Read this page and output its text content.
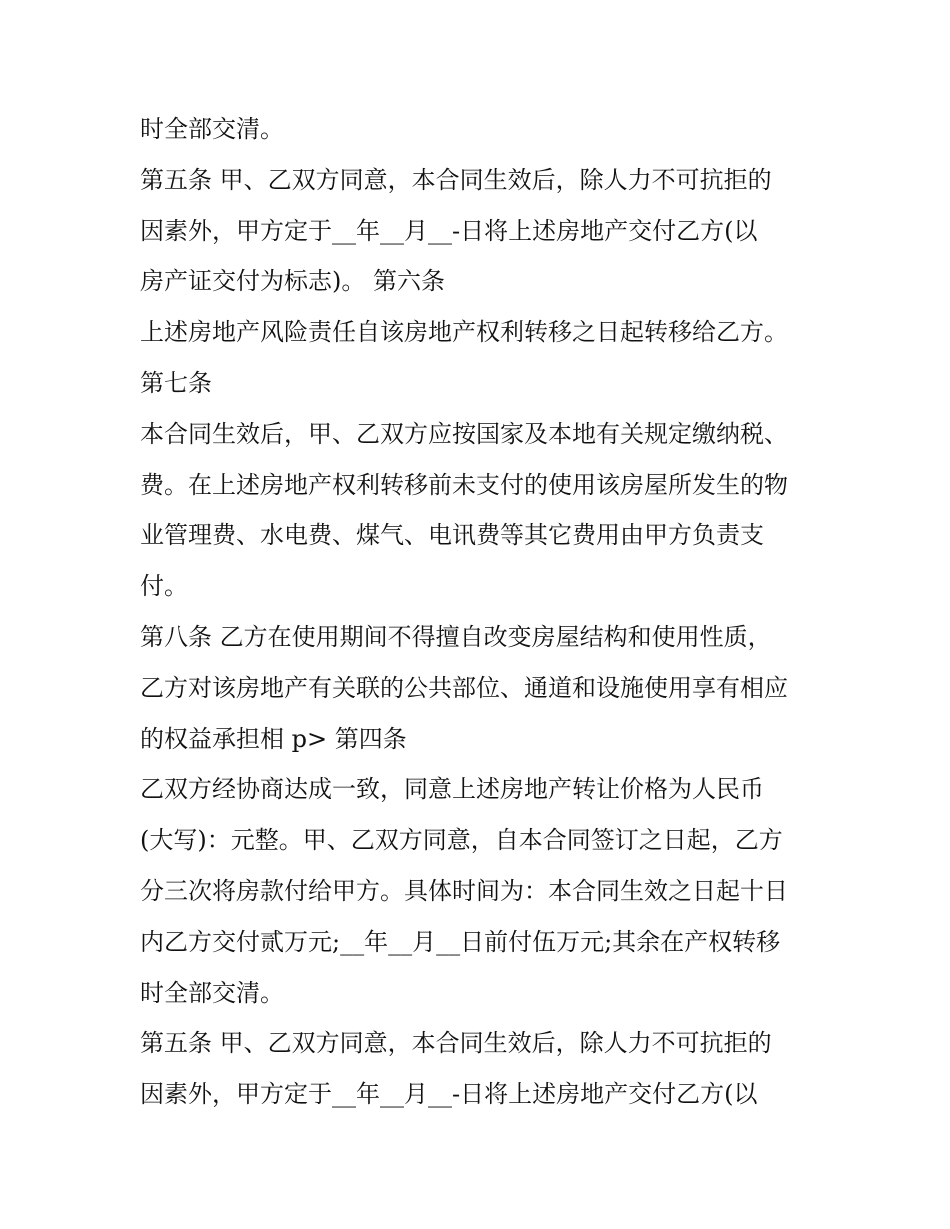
时全部交清。

第五条 甲、乙双方同意，本合同生效后，除人力不可抗拒的

因素外，甲方定于__年__月__-日将上述房地产交付乙方(以

房产证交付为标志)。 第六条

上述房地产风险责任自该房地产权利转移之日起转移给乙方。

第七条

本合同生效后，甲、乙双方应按国家及本地有关规定缴纳税、

费。在上述房地产权利转移前未支付的使用该房屋所发生的物

业管理费、水电费、煤气、电讯费等其它费用由甲方负责支

付。

第八条 乙方在使用期间不得擅自改变房屋结构和使用性质，

乙方对该房地产有关联的公共部位、通道和设施使用享有相应

的权益承担相 p> 第四条

乙双方经协商达成一致，同意上述房地产转让价格为人民币

(大写)：元整。甲、乙双方同意，自本合同签订之日起，乙方

分三次将房款付给甲方。具体时间为：本合同生效之日起十日

内乙方交付贰万元;__年__月__日前付伍万元;其余在产权转移

时全部交清。

第五条 甲、乙双方同意，本合同生效后，除人力不可抗拒的

因素外，甲方定于__年__月__-日将上述房地产交付乙方(以
